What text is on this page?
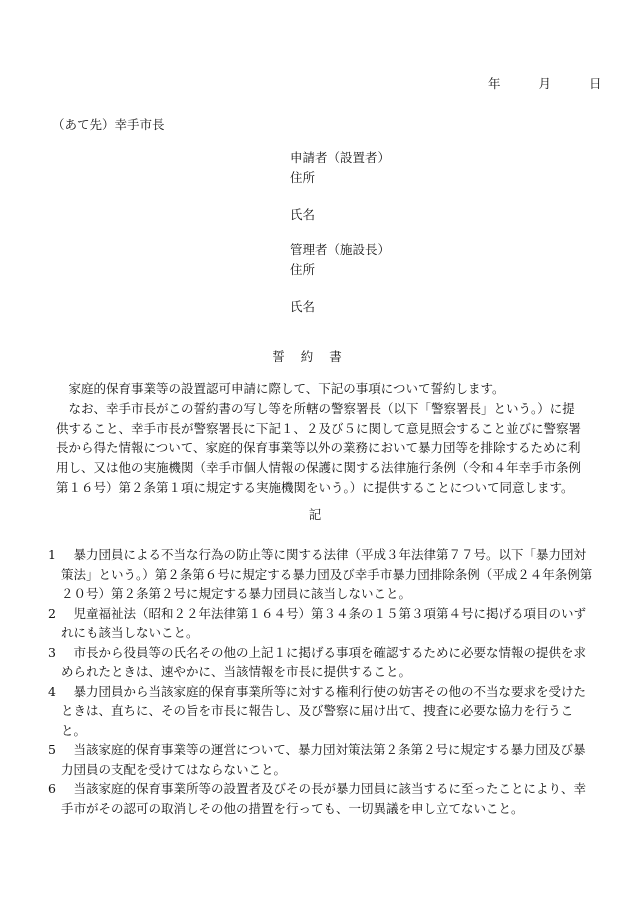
年	月	日
（あて先）幸手市長
申請者（設置者）
住所
氏名
管理者（施設長）
住所
氏名
誓約書

家庭的保育事業等の設置認可申請に際して、下記の事項について誓約します。

なお、幸手市長がこの誓約書の写し等を所轄の警察署長（以下「警察署長」という。）に提供すること、幸手市長が警察署長に下記１、２及び５に関して意見照会すること並びに警察署長から得た情報について、家庭的保育事業等以外の業務において暴力団等を排除するために利用し、又は他の実施機関（幸手市個人情報の保護に関する法律施行条例（令和４年幸手市条例第１６号）第２条第１項に規定する実施機関をいう。）に提供することについて同意します。

記
1	暴力団員による不当な行為の防止等に関する法律（平成３年法律第７７号。以下「暴力団対策法」という。）第２条第６号に規定する暴力団及び幸手市暴力団排除条例（平成２４年条例第２０号）第２条第２号に規定する暴力団員に該当しないこと。
2	児童福祉法（昭和２２年法律第１６４号）第３４条の１５第３項第４号に掲げる項目のいずれにも該当しないこと。
3	市長から役員等の氏名その他の上記１に掲げる事項を確認するために必要な情報の提供を求められたときは、速やかに、当該情報を市長に提供すること。
4	暴力団員から当該家庭的保育事業所等に対する権利行使の妨害その他の不当な要求を受けたときは、直ちに、その旨を市長に報告し、及び警察に届け出て、捜査に必要な協力を行うこと。
5	当該家庭的保育事業等の運営について、暴力団対策法第２条第２号に規定する暴力団及び暴力団員の支配を受けてはならないこと。
6	当該家庭的保育事業所等の設置者及びその長が暴力団員に該当するに至ったことにより、幸手市がその認可の取消しその他の措置を行っても、一切異議を申し立てないこと。
